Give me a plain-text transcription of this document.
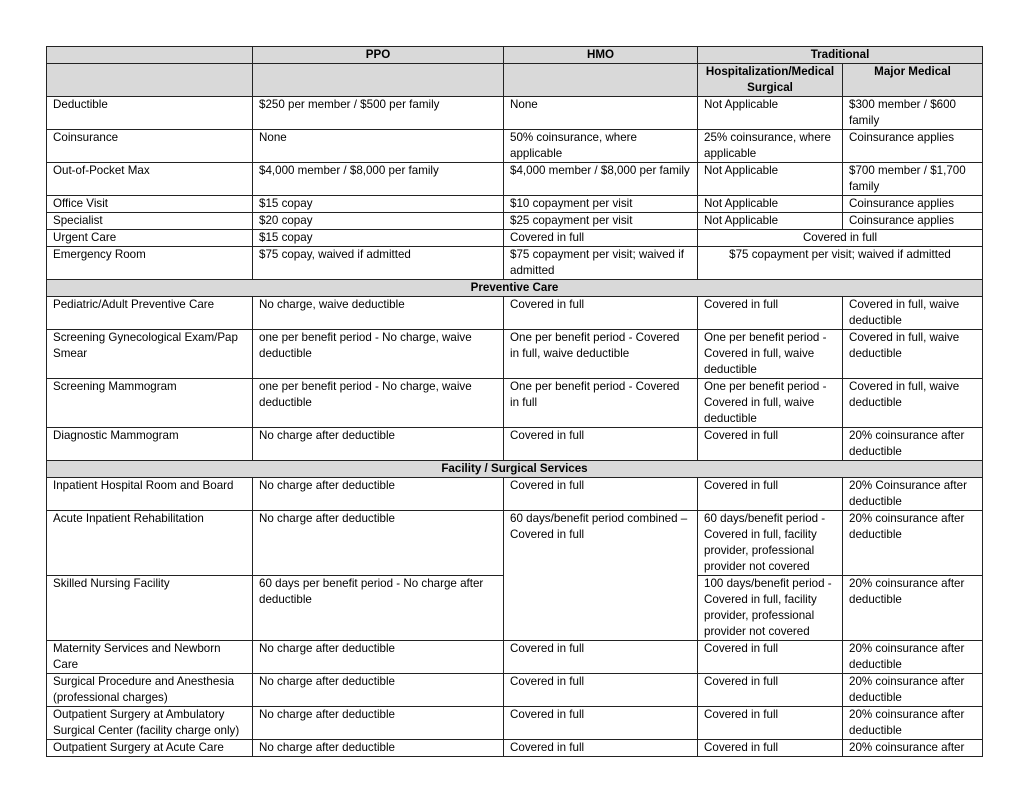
	PPO	HMO	Traditional	
			Hospitalization/Medical Surgical	Major Medical
Deductible	$250 per member / $500 per family	None	Not Applicable	$300 member / $600 family
Coinsurance	None	50% coinsurance, where applicable	25% coinsurance, where applicable	Coinsurance applies
Out-of-Pocket Max	$4,000 member / $8,000 per family	$4,000 member / $8,000 per family	Not Applicable	$700 member / $1,700 family
Office Visit	$15 copay	$10 copayment per visit	Not Applicable	Coinsurance applies
Specialist	$20 copay	$25 copayment per visit	Not Applicable	Coinsurance applies
Urgent Care	$15 copay	Covered in full	Covered in full	
Emergency Room	$75 copay, waived if admitted	$75 copayment per visit; waived if admitted	$75 copayment per visit; waived if admitted	
Preventive Care				
Pediatric/Adult Preventive Care	No charge, waive deductible	Covered in full	Covered in full	Covered in full, waive deductible
Screening Gynecological Exam/Pap Smear	one per benefit period - No charge, waive deductible	One per benefit period - Covered in full, waive deductible	One per benefit period - Covered in full, waive deductible	Covered in full, waive deductible
Screening Mammogram	one per benefit period - No charge, waive deductible	One per benefit period - Covered in full	One per benefit period - Covered in full, waive deductible	Covered in full, waive deductible
Diagnostic Mammogram	No charge after deductible	Covered in full	Covered in full	20% coinsurance after deductible
Facility / Surgical Services				
Inpatient Hospital Room and Board	No charge after deductible	Covered in full	Covered in full	20% Coinsurance after deductible
Acute Inpatient Rehabilitation	No charge after deductible	60 days/benefit period combined – Covered in full	60 days/benefit period - Covered in full, facility provider, professional provider not covered	20% coinsurance after deductible
Skilled Nursing Facility	60 days per benefit period - No charge after deductible		100 days/benefit period - Covered in full, facility provider, professional provider not covered	20% coinsurance after deductible
Maternity Services and Newborn Care	No charge after deductible	Covered in full	Covered in full	20% coinsurance after deductible
Surgical Procedure and Anesthesia (professional charges)	No charge after deductible	Covered in full	Covered in full	20% coinsurance after deductible
Outpatient Surgery at Ambulatory Surgical Center (facility charge only)	No charge after deductible	Covered in full	Covered in full	20% coinsurance after deductible
Outpatient Surgery at Acute Care	No charge after deductible	Covered in full	Covered in full	20% coinsurance after
